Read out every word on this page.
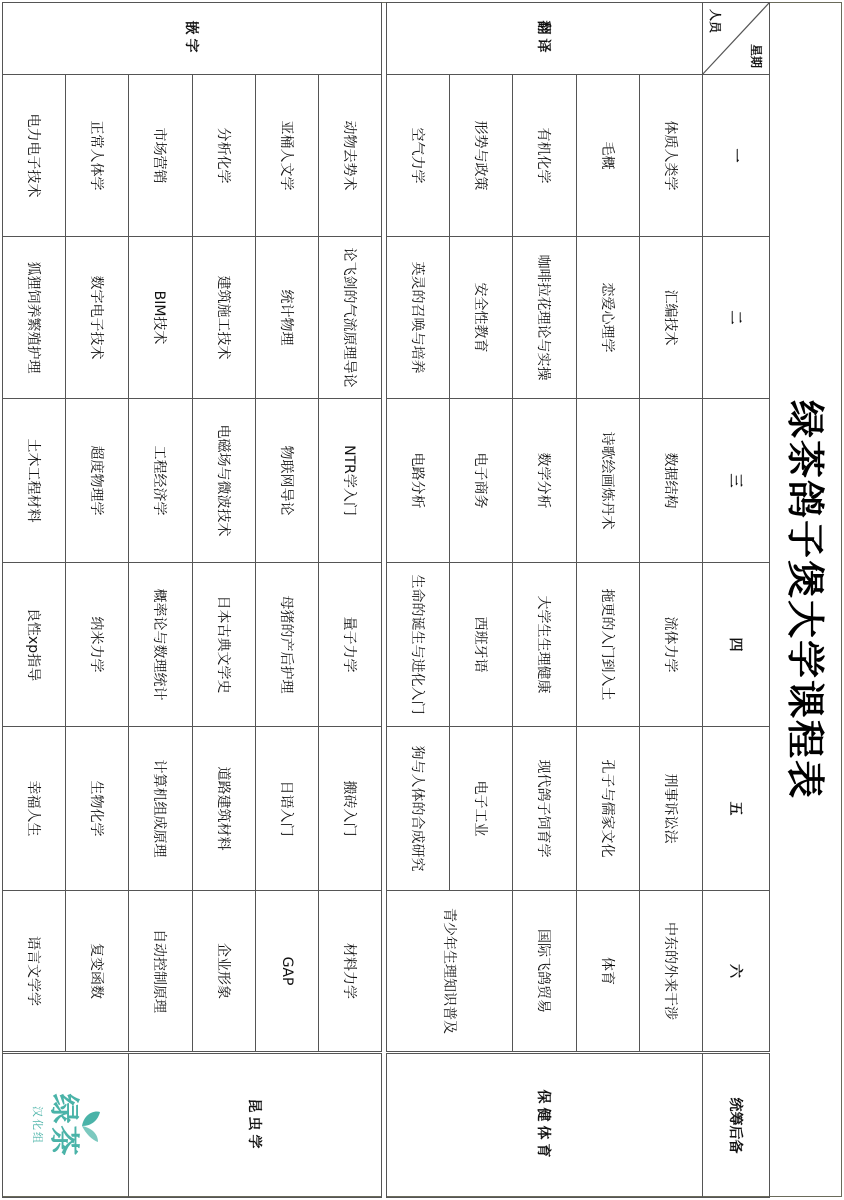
绿茶鸽子煲大学课程表
星期
人员	一	二	三	四	五	六	统筹后备
翻译	体质人类学	汇编技术	数据结构	流体力学	刑事诉讼法	中东的外来干涉	保健体育
	毛概	恋爱心理学	诗歌绘画炼丹术	拖更的入门到入土	孔子与儒家文化	体育	
	有机化学	咖啡拉花理论与实操	数学分析	大学生生理健康	现代鸽子饲育学	国际飞鸽贸易	
	形势与政策	安全性教育	电子商务	西班牙语	电子工业	青少年生理知识普及	
	空气力学	英灵的召唤与培养	电路分析	生命的诞生与进化入门	狗与人体的合成研究		

嵌字	动物去势术	论飞剑的气流原理导论	NTR学入门	量子力学	搬砖入门	材料力学	昆虫学
	亚桶人文学	统计物理	物联网导论	母猪的产后护理	日语入门	GAP	
	分析化学	建筑施工技术	电磁场与微波技术	日本古典文学史	道路建筑材料	企业形象	
	市场营销	BIM技术	工程经济学	概率论与数理统计	计算机组成原理	自动控制原理	
	正常人体学	数字电子技术	超度物理学	纳米力学	生物化学	复变函数	绿茶
汉化组

	电力电子技术	狐狸饲养繁殖护理	土木工程材料	良性xp指导	幸福人生	语言文学学	
